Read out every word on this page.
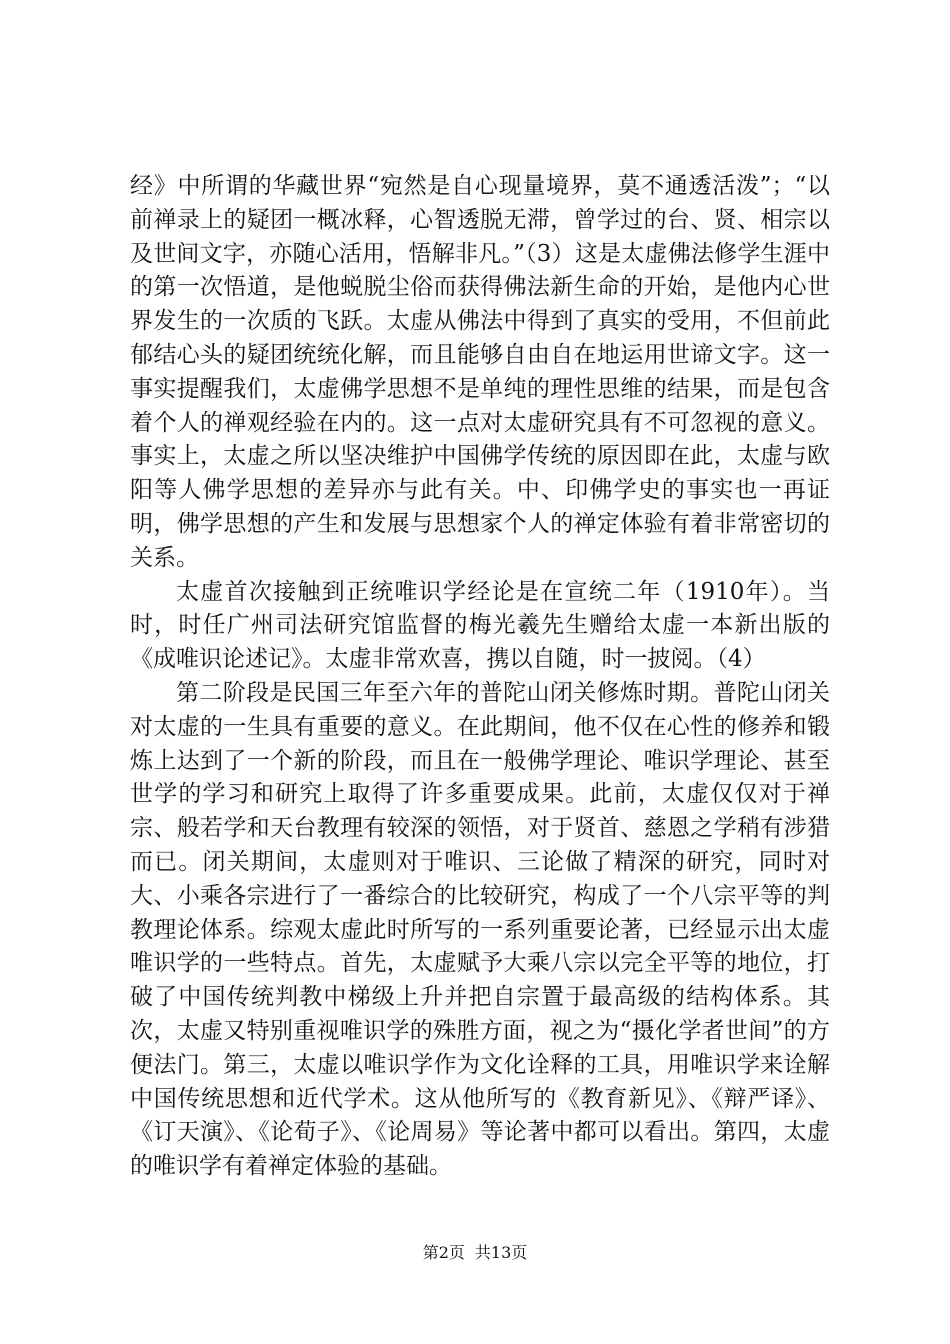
经》中所谓的华藏世界“宛然是自心现量境界，莫不通透活泼”；“以前禅录上的疑团一概冰释，心智透脱无滞，曾学过的台、贤、相宗以及世间文字，亦随心活用，悟解非凡。”（3）这是太虚佛法修学生涯中的第一次悟道，是他蜕脱尘俗而获得佛法新生命的开始，是他内心世界发生的一次质的飞跃。太虚从佛法中得到了真实的受用，不但前此郁结心头的疑团统统化解，而且能够自由自在地运用世谛文字。这一事实提醒我们，太虚佛学思想不是单纯的理性思维的结果，而是包含着个人的禅观经验在内的。这一点对太虚研究具有不可忽视的意义。事实上，太虚之所以坚决维护中国佛学传统的原因即在此，太虚与欧阳等人佛学思想的差异亦与此有关。中、印佛学史的事实也一再证明，佛学思想的产生和发展与思想家个人的禅定体验有着非常密切的关系。

太虚首次接触到正统唯识学经论是在宣统二年（1910年）。当时，时任广州司法研究馆监督的梅光羲先生赠给太虚一本新出版的《成唯识论述记》。太虚非常欢喜，携以自随，时一披阅。（4）

第二阶段是民国三年至六年的普陀山闭关修炼时期。普陀山闭关对太虚的一生具有重要的意义。在此期间，他不仅在心性的修养和锻炼上达到了一个新的阶段，而且在一般佛学理论、唯识学理论、甚至世学的学习和研究上取得了许多重要成果。此前，太虚仅仅对于禅宗、般若学和天台教理有较深的领悟，对于贤首、慈恩之学稍有涉猎而已。闭关期间，太虚则对于唯识、三论做了精深的研究，同时对大、小乘各宗进行了一番综合的比较研究，构成了一个八宗平等的判教理论体系。综观太虚此时所写的一系列重要论著，已经显示出太虚唯识学的一些特点。首先，太虚赋予大乘八宗以完全平等的地位，打破了中国传统判教中梯级上升并把自宗置于最高级的结构体系。其次，太虚又特别重视唯识学的殊胜方面，视之为“摄化学者世间”的方便法门。第三，太虚以唯识学作为文化诠释的工具，用唯识学来诠解中国传统思想和近代学术。这从他所写的《教育新见》、《辩严译》、《订天演》、《论荀子》、《论周易》等论著中都可以看出。第四，太虚的唯识学有着禅定体验的基础。

第2页 共13页
